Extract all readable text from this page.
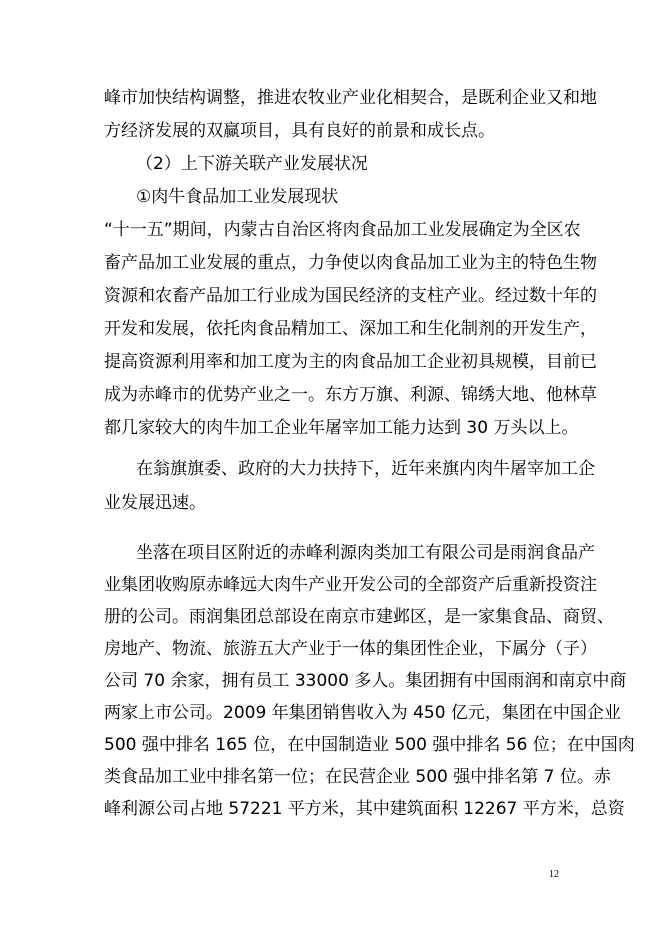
峰市加快结构调整，推进农牧业产业化相契合，是既利企业又和地
方经济发展的双赢项目，具有良好的前景和成长点。
（2）上下游关联产业发展状况
①肉牛食品加工业发展现状
“十一五”期间，内蒙古自治区将肉食品加工业发展确定为全区农
畜产品加工业发展的重点，力争使以肉食品加工业为主的特色生物
资源和农畜产品加工行业成为国民经济的支柱产业。经过数十年的
开发和发展，依托肉食品精加工、深加工和生化制剂的开发生产，
提高资源利用率和加工度为主的肉食品加工企业初具规模，目前已
成为赤峰市的优势产业之一。东方万旗、利源、锦绣大地、他林草
都几家较大的肉牛加工企业年屠宰加工能力达到 30 万头以上。
在翁旗旗委、政府的大力扶持下，近年来旗内肉牛屠宰加工企
业发展迅速。
坐落在项目区附近的赤峰利源肉类加工有限公司是雨润食品产
业集团收购原赤峰远大肉牛产业开发公司的全部资产后重新投资注
册的公司。雨润集团总部设在南京市建邺区，是一家集食品、商贸、
房地产、物流、旅游五大产业于一体的集团性企业，下属分（子）
公司 70 余家，拥有员工 33000 多人。集团拥有中国雨润和南京中商
两家上市公司。2009 年集团销售收入为 450 亿元，集团在中国企业
500 强中排名 165 位，在中国制造业 500 强中排名 56 位；在中国肉
类食品加工业中排名第一位；在民营企业 500 强中排名第 7 位。赤
峰利源公司占地 57221 平方米，其中建筑面积 12267 平方米，总资
12
